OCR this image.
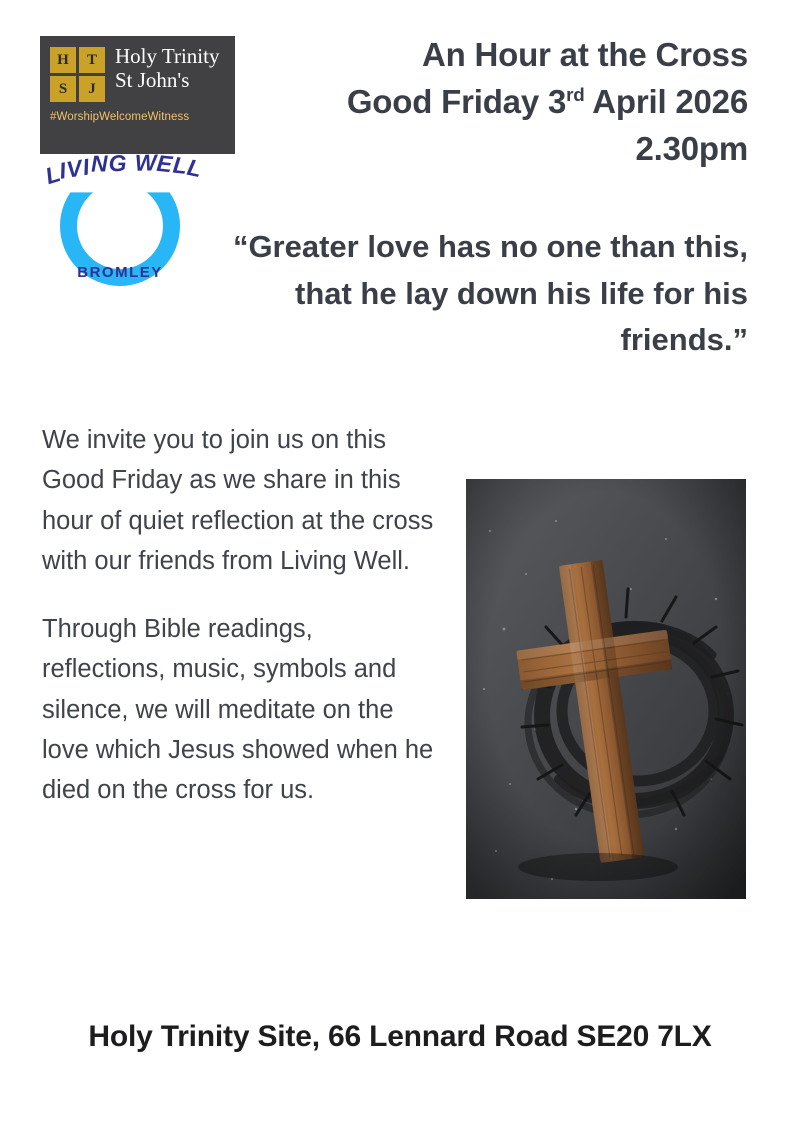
H	T
S	J
Holy Trinity
St John's
#WorshipWelcomeWitness
LIVING WELL
BROMLEY
An Hour at the Cross
Good Friday 3rd April 2026
2.30pm
“Greater love has no one than this, that he lay down his life for his friends.”

We invite you to join us on this Good Friday as we share in this hour of quiet reflection at the cross with our friends from Living Well.

Through Bible readings, reflections, music, symbols and silence, we will meditate on the love which Jesus showed when he died on the cross for us.

Holy Trinity Site, 66 Lennard Road SE20 7LX
